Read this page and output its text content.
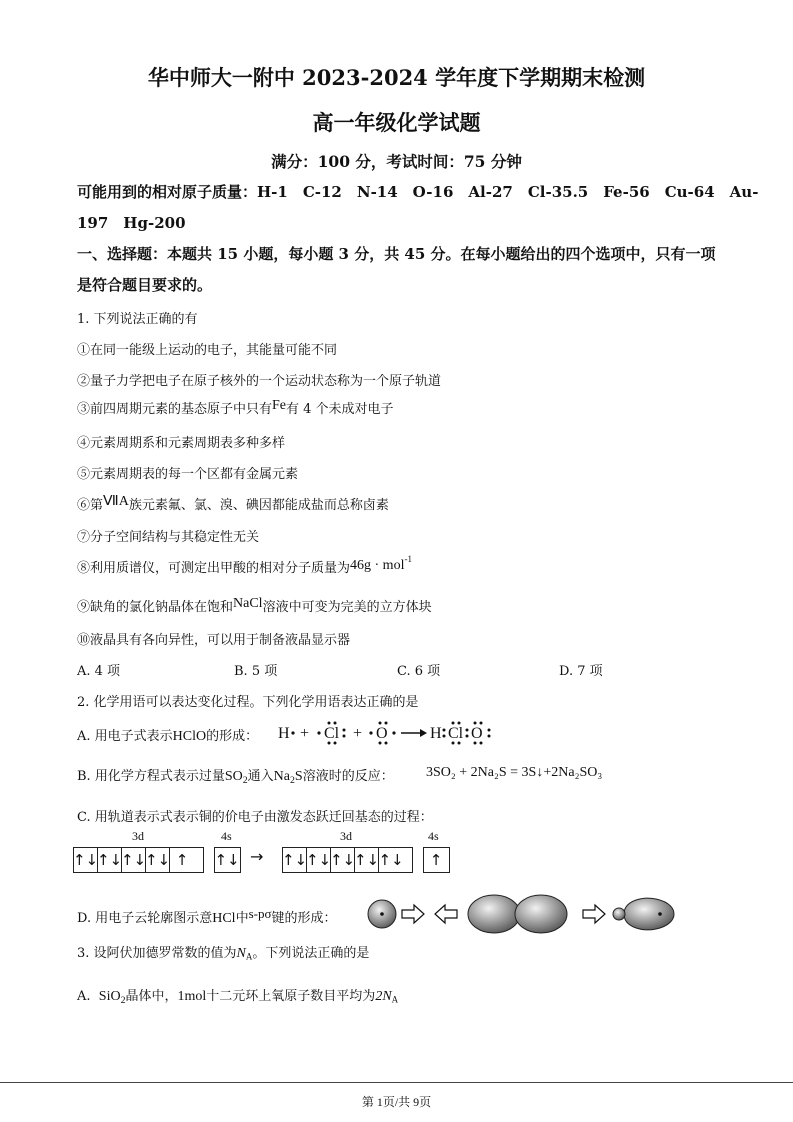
华中师大一附中 2023-2024 学年度下学期期末检测
高一年级化学试题
满分：100 分，考试时间：75 分钟
可能用到的相对原子质量：H-1　C-12　N-14　O-16　Al-27　Cl-35.5　Fe-56　Cu-64　Au-
197　Hg-200
一、选择题：本题共 15 小题，每小题 3 分，共 45 分。在每小题给出的四个选项中，只有一项
是符合题目要求的。
1. 下列说法正确的有
①在同一能级上运动的电子，其能量可能不同
②量子力学把电子在原子核外的一个运动状态称为一个原子轨道
③前四周期元素的基态原子中只有Fe有 4 个未成对电子
④元素周期系和元素周期表多种多样
⑤元素周期表的每一个区都有金属元素
⑥第ⅦA族元素氟、氯、溴、碘因都能成盐而总称卤素
⑦分子空间结构与其稳定性无关
⑧利用质谱仪，可测定出甲酸的相对分子质量为46g · mol$^{-1}$
⑨缺角的氯化钠晶体在饱和NaCl溶液中可变为完美的立方体块
⑩液晶具有各向异性，可以用于制备液晶显示器
A. 4 项	B. 5 项	C. 6 项	D. 7 项
2. 化学用语可以表达变化过程。下列化学用语表达正确的是
A. 用电子式表示HClO的形成： H + Cl + O	H Cl O
B. 用化学方程式表示过量$SO_2$通入$Na_2S$溶液时的反应： 3SO₂ + 2Na₂S = 3S↓+2Na₂SO₃
C. 用轨道表示式表示铜的价电子由激发态跃迁回基态的过程：
3d	4s
↑↓
↑↓
↑↓
↑↓ ↑	↑↓ →
3d	4s
↑↓
↑↓
↑↓
↑↓ ↑↓	↑
D. 用电子云轮廓图示意HCl中s-pσ键的形成：
3. 设阿伏加德罗常数的值为$N_A$。下列说法正确的是
A. SiO$_2$晶体中，1mol十二元环上氧原子数目平均为$2N_A$
第 1页/共 9页
